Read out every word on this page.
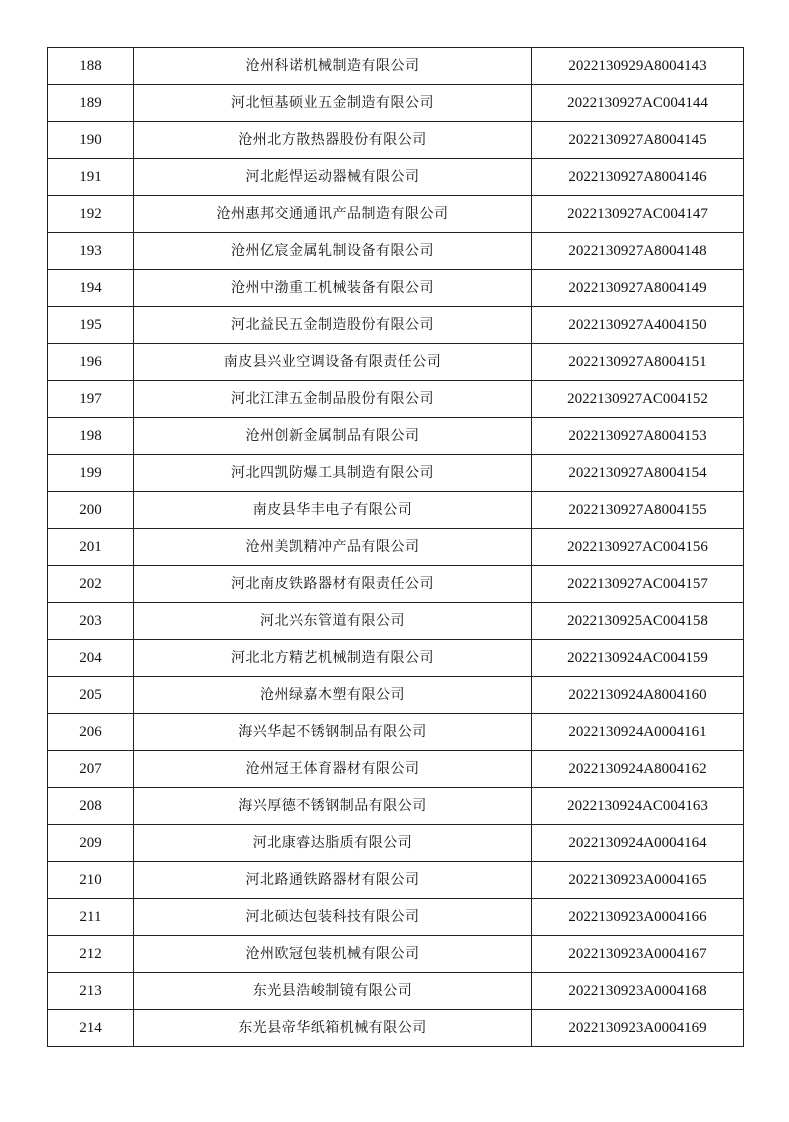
188	沧州科诺机械制造有限公司	2022130929A8004143
189	河北恒基硕业五金制造有限公司	2022130927AC004144
190	沧州北方散热器股份有限公司	2022130927A8004145
191	河北彪悍运动器械有限公司	2022130927A8004146
192	沧州惠邦交通通讯产品制造有限公司	2022130927AC004147
193	沧州亿宸金属轧制设备有限公司	2022130927A8004148
194	沧州中渤重工机械装备有限公司	2022130927A8004149
195	河北益民五金制造股份有限公司	2022130927A4004150
196	南皮县兴业空调设备有限责任公司	2022130927A8004151
197	河北江津五金制品股份有限公司	2022130927AC004152
198	沧州创新金属制品有限公司	2022130927A8004153
199	河北四凯防爆工具制造有限公司	2022130927A8004154
200	南皮县华丰电子有限公司	2022130927A8004155
201	沧州美凯精冲产品有限公司	2022130927AC004156
202	河北南皮铁路器材有限责任公司	2022130927AC004157
203	河北兴东管道有限公司	2022130925AC004158
204	河北北方精艺机械制造有限公司	2022130924AC004159
205	沧州绿嘉木塑有限公司	2022130924A8004160
206	海兴华起不锈钢制品有限公司	2022130924A0004161
207	沧州冠王体育器材有限公司	2022130924A8004162
208	海兴厚德不锈钢制品有限公司	2022130924AC004163
209	河北康睿达脂质有限公司	2022130924A0004164
210	河北路通铁路器材有限公司	2022130923A0004165
211	河北硕达包装科技有限公司	2022130923A0004166
212	沧州欧冠包装机械有限公司	2022130923A0004167
213	东光县浩峻制镜有限公司	2022130923A0004168
214	东光县帝华纸箱机械有限公司	2022130923A0004169
